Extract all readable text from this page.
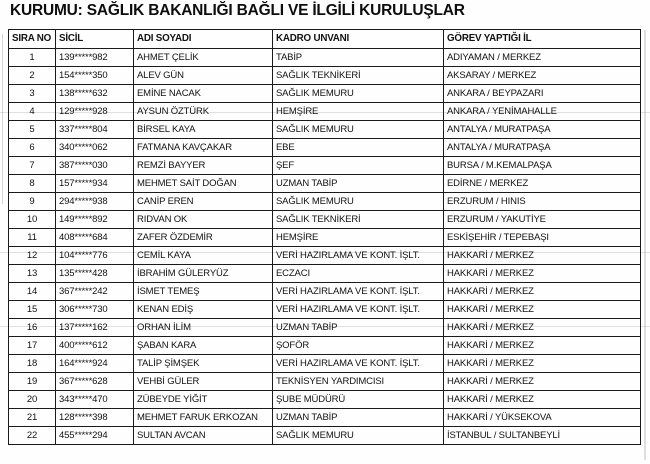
KURUMU: SAĞLIK BAKANLIĞI BAĞLI VE İLGİLİ KURULUŞLAR
SIRA NO	SİCİL	ADI SOYADI	KADRO UNVANI	GÖREV YAPTIĞI İL
1	139*****982	AHMET ÇELİK	TABİP	ADIYAMAN / MERKEZ
2	154*****350	ALEV GÜN	SAĞLIK TEKNİKERİ	AKSARAY / MERKEZ
3	138*****632	EMİNE NACAK	SAĞLIK MEMURU	ANKARA / BEYPAZARI
4	129*****928	AYSUN ÖZTÜRK	HEMŞİRE	ANKARA / YENİMAHALLE
5	337*****804	BİRSEL KAYA	SAĞLIK MEMURU	ANTALYA / MURATPAŞA
6	340*****062	FATMANA KAVÇAKAR	EBE	ANTALYA / MURATPAŞA
7	387*****030	REMZİ BAYYER	ŞEF	BURSA / M.KEMALPAŞA
8	157*****934	MEHMET SAİT DOĞAN	UZMAN TABİP	EDİRNE / MERKEZ
9	294*****938	CANİP EREN	SAĞLIK MEMURU	ERZURUM / HINIS
10	149*****892	RIDVAN OK	SAĞLIK TEKNİKERİ	ERZURUM / YAKUTİYE
11	408*****684	ZAFER ÖZDEMİR	HEMŞİRE	ESKİŞEHİR / TEPEBAŞI
12	104*****776	CEMİL KAYA	VERİ HAZIRLAMA VE KONT. İŞLT.	HAKKARİ / MERKEZ
13	135*****428	İBRAHİM GÜLERYÜZ	ECZACI	HAKKARİ / MERKEZ
14	367*****242	İSMET TEMEŞ	VERİ HAZIRLAMA VE KONT. İŞLT.	HAKKARİ / MERKEZ
15	306*****730	KENAN EDİŞ	VERİ HAZIRLAMA VE KONT. İŞLT.	HAKKARİ / MERKEZ
16	137*****162	ORHAN İLİM	UZMAN TABİP	HAKKARİ / MERKEZ
17	400*****612	ŞABAN KARA	ŞOFÖR	HAKKARİ / MERKEZ
18	164*****924	TALİP ŞİMŞEK	VERİ HAZIRLAMA VE KONT. İŞLT.	HAKKARİ / MERKEZ
19	367*****628	VEHBİ GÜLER	TEKNİSYEN YARDIMCISI	HAKKARİ / MERKEZ
20	343*****470	ZÜBEYDE YİĞİT	ŞUBE MÜDÜRÜ	HAKKARİ / MERKEZ
21	128*****398	MEHMET FARUK ERKOZAN	UZMAN TABİP	HAKKARİ / YÜKSEKOVA
22	455*****294	SULTAN AVCAN	SAĞLIK MEMURU	İSTANBUL / SULTANBEYLİ
